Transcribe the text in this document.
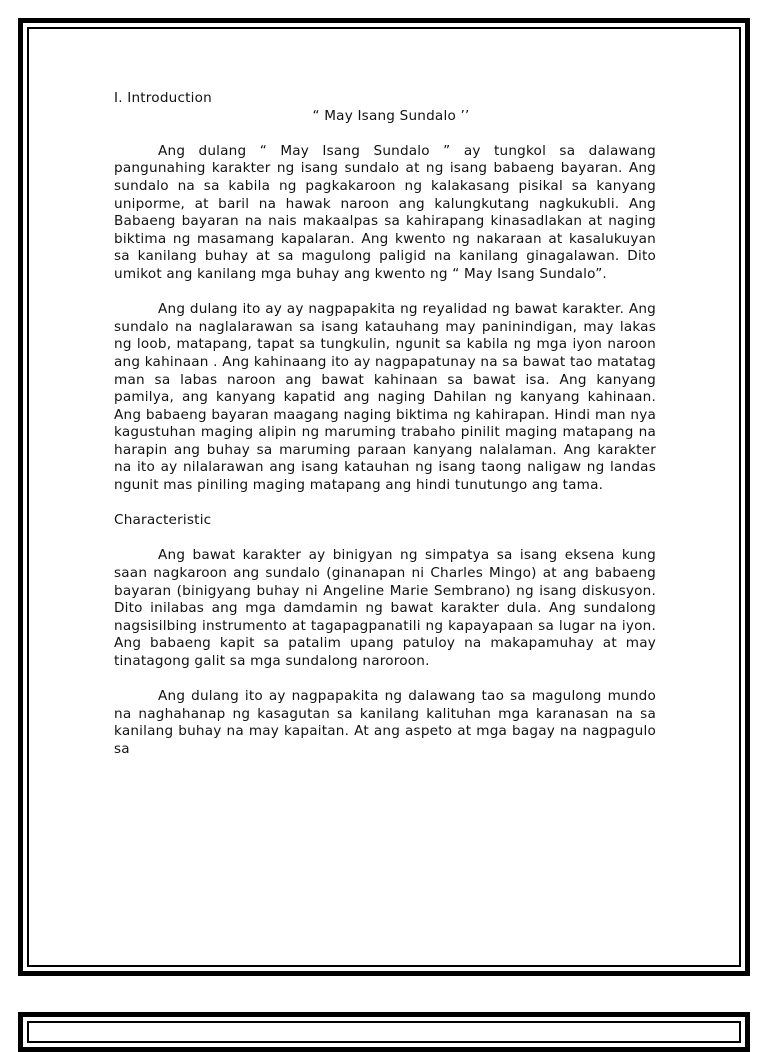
I. Introduction
“ May Isang Sundalo ’’

Ang dulang “ May Isang Sundalo ” ay tungkol sa dalawang pangunahing karakter ng isang sundalo at ng isang babaeng bayaran. Ang sundalo na sa kabila ng pagkakaroon ng kalakasang pisikal sa kanyang uniporme, at baril na hawak naroon ang kalungkutang nagkukubli. Ang Babaeng bayaran na nais makaalpas sa kahirapang kinasadlakan at naging biktima ng masamang kapalaran. Ang kwento ng nakaraan at kasalukuyan sa kanilang buhay at sa magulong paligid na kanilang ginagalawan. Dito umikot ang kanilang mga buhay ang kwento ng “ May Isang Sundalo”.

Ang dulang ito ay ay nagpapakita ng reyalidad ng bawat karakter. Ang sundalo na naglalarawan sa isang katauhang may paninindigan, may lakas ng loob, matapang, tapat sa tungkulin, ngunit sa kabila ng mga iyon naroon ang kahinaan . Ang kahinaang ito ay nagpapatunay na sa bawat tao matatag man sa labas naroon ang bawat kahinaan sa bawat isa. Ang kanyang pamilya, ang kanyang kapatid ang naging Dahilan ng kanyang kahinaan. Ang babaeng bayaran maagang naging biktima ng kahirapan. Hindi man nya kagustuhan maging alipin ng maruming trabaho pinilit maging matapang na harapin ang buhay sa maruming paraan kanyang nalalaman. Ang karakter na ito ay nilalarawan ang isang katauhan ng isang taong naligaw ng landas ngunit mas piniling maging matapang ang hindi tunutungo ang tama.

Characteristic

Ang bawat karakter ay binigyan ng simpatya sa isang eksena kung saan nagkaroon ang sundalo (ginanapan ni Charles Mingo) at ang babaeng bayaran (binigyang buhay ni Angeline Marie Sembrano) ng isang diskusyon. Dito inilabas ang mga damdamin ng bawat karakter dula. Ang sundalong nagsisilbing instrumento at tagapagpanatili ng kapayapaan sa lugar na iyon. Ang babaeng kapit sa patalim upang patuloy na makapamuhay at may tinatagong galit sa mga sundalong naroroon.

Ang dulang ito ay nagpapakita ng dalawang tao sa magulong mundo na naghahanap ng kasagutan sa kanilang kalituhan mga karanasan na sa kanilang buhay na may kapaitan. At ang aspeto at mga bagay na nagpagulo sa
